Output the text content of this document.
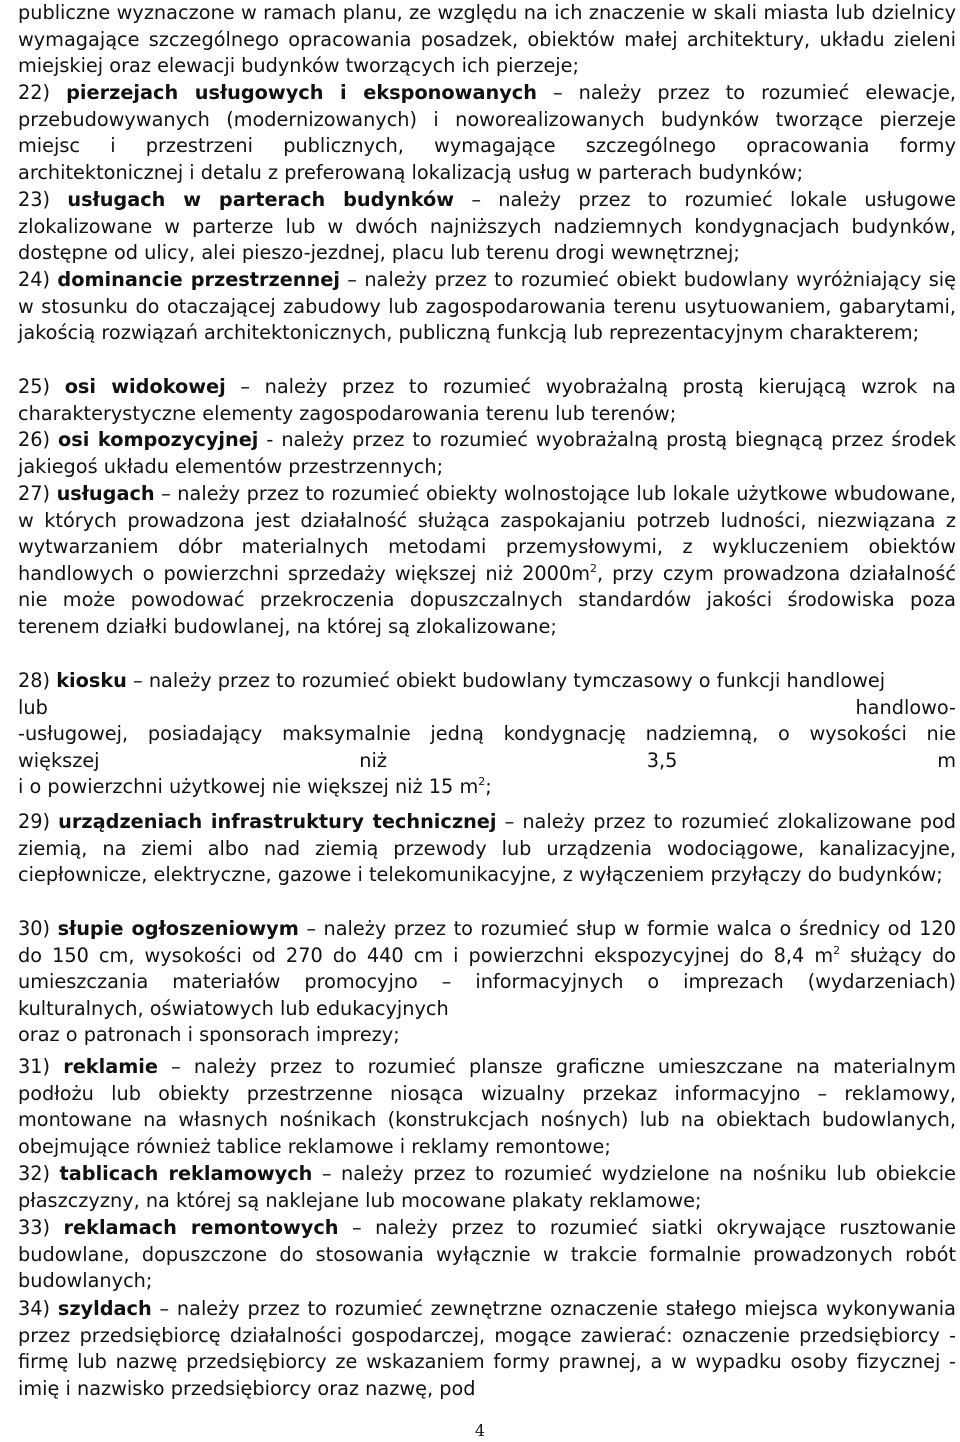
publiczne wyznaczone w ramach planu, ze względu na ich znaczenie w skali miasta lub dzielnicy wymagające szczególnego opracowania posadzek, obiektów małej architektury, układu zieleni miejskiej oraz elewacji budynków tworzących ich pierzeje;
22) pierzejach usługowych i eksponowanych – należy przez to rozumieć elewacje, przebudowywanych (modernizowanych) i noworealizowanych budynków tworzące pierzeje miejsc i przestrzeni publicznych, wymagające szczególnego opracowania formy architektonicznej i detalu z preferowaną lokalizacją usług w parterach budynków;
23) usługach w parterach budynków – należy przez to rozumieć lokale usługowe zlokalizowane w parterze lub w dwóch najniższych nadziemnych kondygnacjach budynków, dostępne od ulicy, alei pieszo-jezdnej, placu lub terenu drogi wewnętrznej;
24) dominancie przestrzennej – należy przez to rozumieć obiekt budowlany wyróżniający się w stosunku do otaczającej zabudowy lub zagospodarowania terenu usytuowaniem, gabarytami, jakością rozwiązań architektonicznych, publiczną funkcją lub reprezentacyjnym charakterem;
25) osi widokowej – należy przez to rozumieć wyobrażalną prostą kierującą wzrok na charakterystyczne elementy zagospodarowania terenu lub terenów;
26) osi kompozycyjnej - należy przez to rozumieć wyobrażalną prostą biegnącą przez środek jakiegoś układu elementów przestrzennych;
27) usługach – należy przez to rozumieć obiekty wolnostojące lub lokale użytkowe wbudowane, w których prowadzona jest działalność służąca zaspokajaniu potrzeb ludności, niezwiązana z wytwarzaniem dóbr materialnych metodami przemysłowymi, z wykluczeniem obiektów handlowych o powierzchni sprzedaży większej niż $2000m^2$, przy czym prowadzona działalność nie może powodować przekroczenia dopuszczalnych standardów jakości środowiska poza terenem działki budowlanej, na której są zlokalizowane;
28) kiosku – należy przez to rozumieć obiekt budowlany tymczasowy o funkcji handlowej
lub handlowo-
-usługowej, posiadający maksymalnie jedną kondygnację nadziemną, o wysokości nie
większej niż 3,5 m
i o powierzchni użytkowej nie większej niż 15 $m^2$;
29) urządzeniach infrastruktury technicznej – należy przez to rozumieć zlokalizowane pod ziemią, na ziemi albo nad ziemią przewody lub urządzenia wodociągowe, kanalizacyjne, ciepłownicze, elektryczne, gazowe i telekomunikacyjne, z wyłączeniem przyłączy do budynków;
30) słupie ogłoszeniowym – należy przez to rozumieć słup w formie walca o średnicy od 120 do 150 cm, wysokości od 270 do 440 cm i powierzchni ekspozycyjnej do 8,4 $m^2$ służący do umieszczania materiałów promocyjno – informacyjnych o imprezach (wydarzeniach) kulturalnych, oświatowych lub edukacyjnych
oraz o patronach i sponsorach imprezy;
31) reklamie – należy przez to rozumieć plansze graficzne umieszczane na materialnym podłożu lub obiekty przestrzenne niosąca wizualny przekaz informacyjno – reklamowy, montowane na własnych nośnikach (konstrukcjach nośnych) lub na obiektach budowlanych, obejmujące również tablice reklamowe i reklamy remontowe;
32) tablicach reklamowych – należy przez to rozumieć wydzielone na nośniku lub obiekcie płaszczyzny, na której są naklejane lub mocowane plakaty reklamowe;
33) reklamach remontowych – należy przez to rozumieć siatki okrywające rusztowanie budowlane, dopuszczone do stosowania wyłącznie w trakcie formalnie prowadzonych robót budowlanych;
34) szyldach – należy przez to rozumieć zewnętrzne oznaczenie stałego miejsca wykonywania przez przedsiębiorcę działalności gospodarczej, mogące zawierać: oznaczenie przedsiębiorcy - firmę lub nazwę przedsiębiorcy ze wskazaniem formy prawnej, a w wypadku osoby fizycznej - imię i nazwisko przedsiębiorcy oraz nazwę, pod
4
